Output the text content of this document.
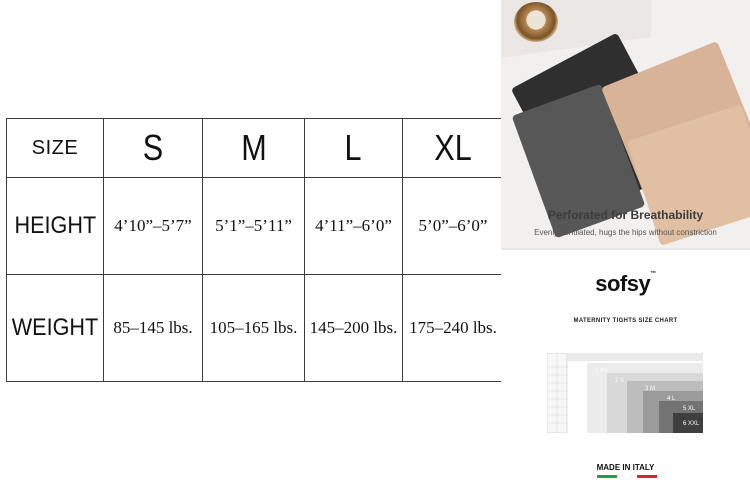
SIZE	S	M	L	XL
HEIGHT	4’10”–5’7”	5’1”–5’11”	4’11”–6’0”	5’0”–6’0”
WEIGHT	85–145 lbs.	105–165 lbs.	145–200 lbs.	175–240 lbs.
Perforated for Breathability
Evenly ventilated, hugs the hips without constriction
sofsy™
MATERNITY TIGHTS SIZE CHART
1 XS
2 S
3 M
4 L
5 XL
6 XXL
MADE IN ITALY
